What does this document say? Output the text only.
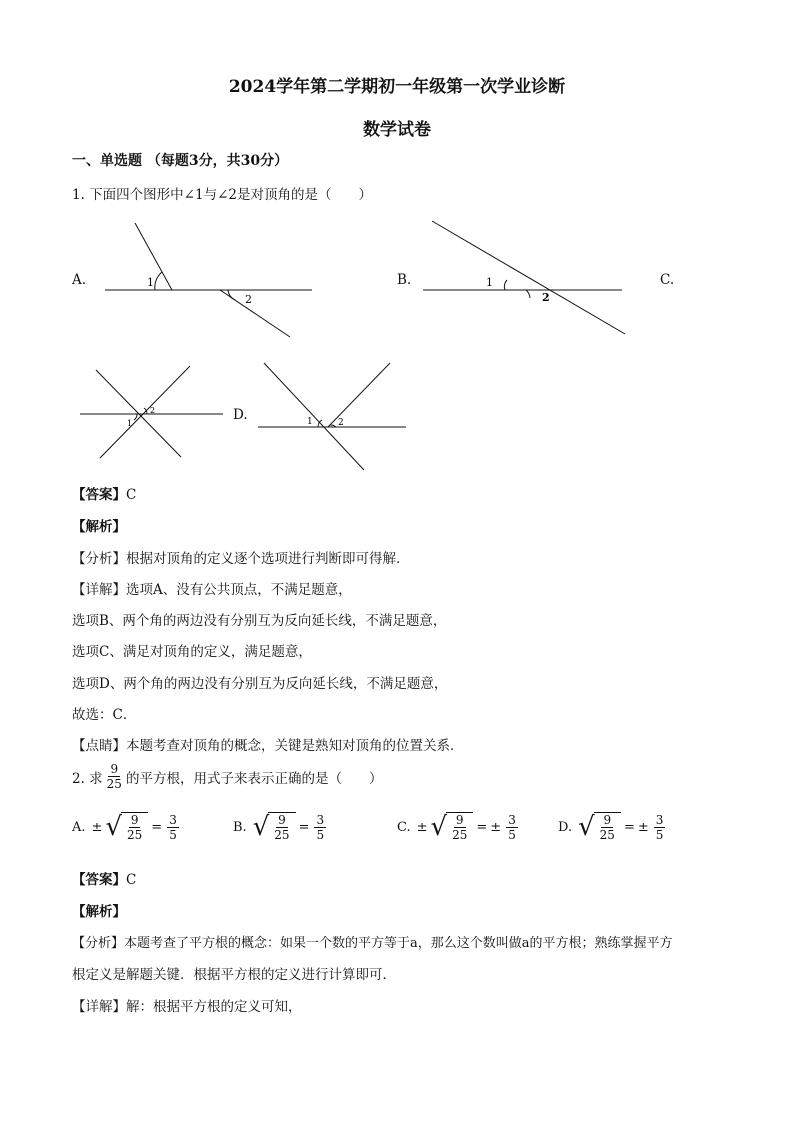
2024学年第二学期初一年级第一次学业诊断
数学试卷
一、单选题 （每题3分，共30分）
1. 下面四个图形中∠1与∠2是对顶角的是（　　）
A.	1
2
B.	1
2
C.
1
2	D.	1	2
【答案】C
【解析】
【分析】根据对顶角的定义逐个选项进行判断即可得解．
【详解】选项A、没有公共顶点，不满足题意，
选项B、两个角的两边没有分别互为反向延长线，不满足题意，
选项C、满足对顶角的定义，满足题意，
选项D、两个角的两边没有分别互为反向延长线，不满足题意，
故选：C．
【点睛】本题考查对顶角的概念，关键是熟知对顶角的位置关系．
2. 求 $\frac{9}{25}$ 的平方根，用式子来表示正确的是（　　）
A. ± √ $\frac{9}{25} = \frac{3}{5}$	B. √ $\frac{9}{25} = \frac{3}{5}$	C. ± √ $\frac{9}{25}$ = ± $\frac{3}{5}$	D. √ $\frac{9}{25}$ = ± $\frac{3}{5}$
【答案】C
【解析】
【分析】本题考查了平方根的概念：如果一个数的平方等于a，那么这个数叫做a的平方根；熟练掌握平方
根定义是解题关键．根据平方根的定义进行计算即可．
【详解】解：根据平方根的定义可知，
